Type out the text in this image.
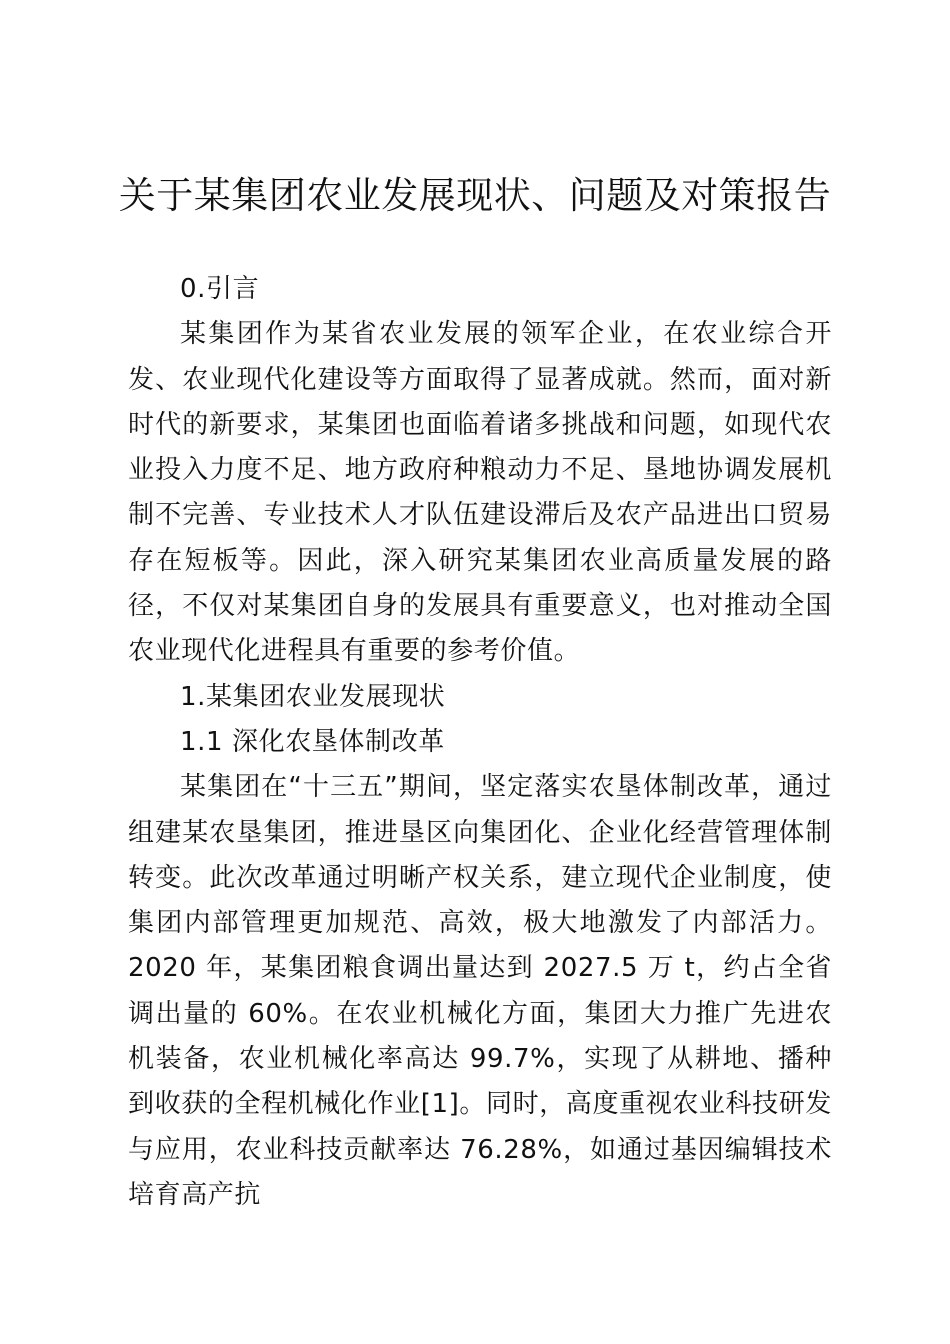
关于某集团农业发展现状、问题及对策报告

0.引言

某集团作为某省农业发展的领军企业，在农业综合开发、农业现代化建设等方面取得了显著成就。然而，面对新时代的新要求，某集团也面临着诸多挑战和问题，如现代农业投入力度不足、地方政府种粮动力不足、垦地协调发展机制不完善、专业技术人才队伍建设滞后及农产品进出口贸易存在短板等。因此，深入研究某集团农业高质量发展的路径，不仅对某集团自身的发展具有重要意义，也对推动全国农业现代化进程具有重要的参考价值。

1.某集团农业发展现状

1.1 深化农垦体制改革

某集团在“十三五”期间，坚定落实农垦体制改革，通过组建某农垦集团，推进垦区向集团化、企业化经营管理体制转变。此次改革通过明晰产权关系，建立现代企业制度，使集团内部管理更加规范、高效，极大地激发了内部活力。2020 年，某集团粮食调出量达到 2027.5 万 t，约占全省调出量的 60%。在农业机械化方面，集团大力推广先进农机装备，农业机械化率高达 99.7%，实现了从耕地、播种到收获的全程机械化作业[1]。同时，高度重视农业科技研发与应用，农业科技贡献率达 76.28%，如通过基因编辑技术培育高产抗
